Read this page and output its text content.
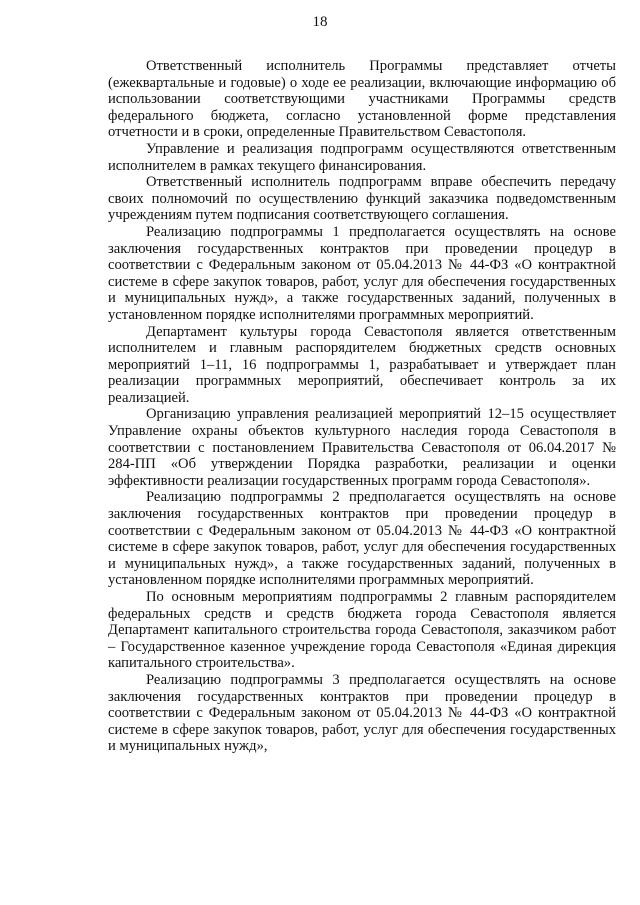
18

Ответственный исполнитель Программы представляет отчеты (ежеквартальные и годовые) о ходе ее реализации, включающие информацию об использовании соответствующими участниками Программы средств федерального бюджета, согласно установленной форме представления отчетности и в сроки, определенные Правительством Севастополя.

Управление и реализация подпрограмм осуществляются ответственным исполнителем в рамках текущего финансирования.

Ответственный исполнитель подпрограмм вправе обеспечить передачу своих полномочий по осуществлению функций заказчика подведомственным учреждениям путем подписания соответствующего соглашения.

Реализацию подпрограммы 1 предполагается осуществлять на основе заключения государственных контрактов при проведении процедур в соответствии с Федеральным законом от 05.04.2013 № 44-ФЗ «О контрактной системе в сфере закупок товаров, работ, услуг для обеспечения государственных и муниципальных нужд», а также государственных заданий, полученных в установленном порядке исполнителями программных мероприятий.

Департамент культуры города Севастополя является ответственным исполнителем и главным распорядителем бюджетных средств основных мероприятий 1–11, 16 подпрограммы 1, разрабатывает и утверждает план реализации программных мероприятий, обеспечивает контроль за их реализацией.

Организацию управления реализацией мероприятий 12–15 осуществляет Управление охраны объектов культурного наследия города Севастополя в соответствии с постановлением Правительства Севастополя от 06.04.2017 № 284-ПП «Об утверждении Порядка разработки, реализации и оценки эффективности реализации государственных программ города Севастополя».

Реализацию подпрограммы 2 предполагается осуществлять на основе заключения государственных контрактов при проведении процедур в соответствии с Федеральным законом от 05.04.2013 № 44-ФЗ «О контрактной системе в сфере закупок товаров, работ, услуг для обеспечения государственных и муниципальных нужд», а также государственных заданий, полученных в установленном порядке исполнителями программных мероприятий.

По основным мероприятиям подпрограммы 2 главным распорядителем федеральных средств и средств бюджета города Севастополя является Департамент капитального строительства города Севастополя, заказчиком работ – Государственное казенное учреждение города Севастополя «Единая дирекция капитального строительства».

Реализацию подпрограммы 3 предполагается осуществлять на основе заключения государственных контрактов при проведении процедур в соответствии с Федеральным законом от 05.04.2013 № 44-ФЗ «О контрактной системе в сфере закупок товаров, работ, услуг для обеспечения государственных и муниципальных нужд»,
